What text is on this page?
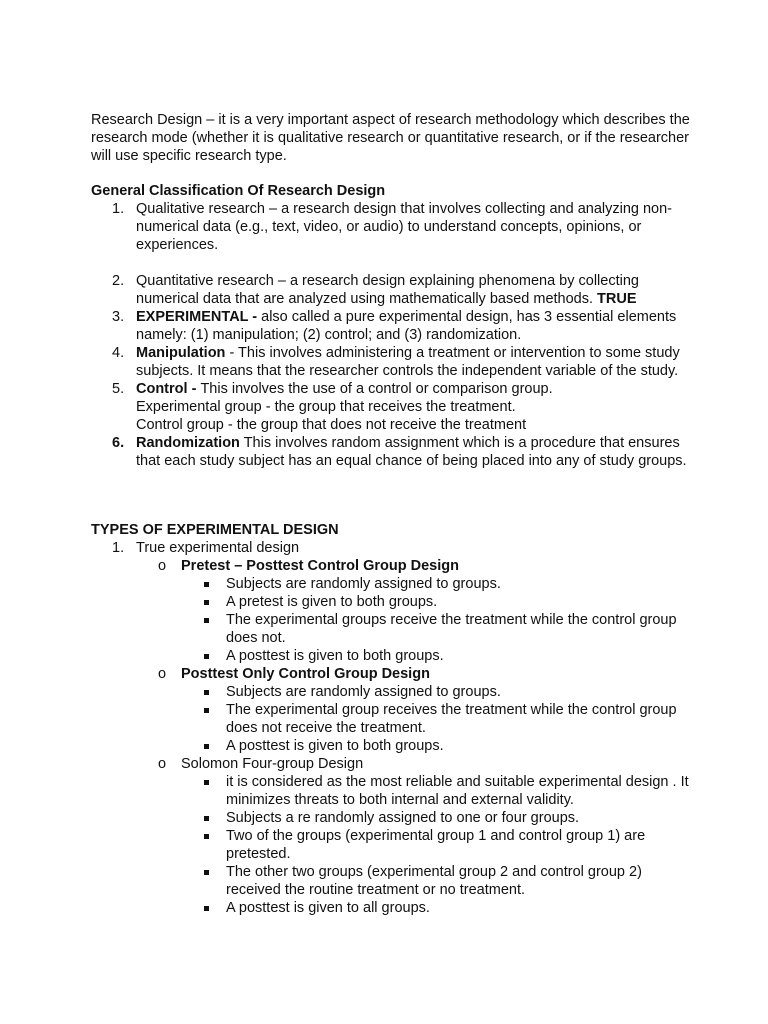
Research Design – it is a very important aspect of research methodology which describes the research mode (whether it is qualitative research or quantitative research, or if the researcher will use specific research type.
General Classification Of Research Design
1. Qualitative research – a research design that involves collecting and analyzing non-numerical data (e.g., text, video, or audio) to understand concepts, opinions, or experiences.
2. Quantitative research – a research design explaining phenomena by collecting numerical data that are analyzed using mathematically based methods. TRUE
3. EXPERIMENTAL - also called a pure experimental design, has 3 essential elements namely: (1) manipulation; (2) control; and (3) randomization.
4. Manipulation - This involves administering a treatment or intervention to some study subjects. It means that the researcher controls the independent variable of the study.
5. Control - This involves the use of a control or comparison group.
Experimental group - the group that receives the treatment.
Control group - the group that does not receive the treatment
6. Randomization This involves random assignment which is a procedure that ensures that each study subject has an equal chance of being placed into any of study groups.
TYPES OF EXPERIMENTAL DESIGN
1. True experimental design
o Pretest – Posttest Control Group Design
Subjects are randomly assigned to groups.
A pretest is given to both groups.
The experimental groups receive the treatment while the control group does not.
A posttest is given to both groups.
o Posttest Only Control Group Design
Subjects are randomly assigned to groups.
The experimental group receives the treatment while the control group does not receive the treatment.
A posttest is given to both groups.
o Solomon Four-group Design
it is considered as the most reliable and suitable experimental design . It minimizes threats to both internal and external validity.
Subjects a re randomly assigned to one or four groups.
Two of the groups (experimental group 1 and control group 1) are pretested.
The other two groups (experimental group 2 and control group 2) received the routine treatment or no treatment.
A posttest is given to all groups.
